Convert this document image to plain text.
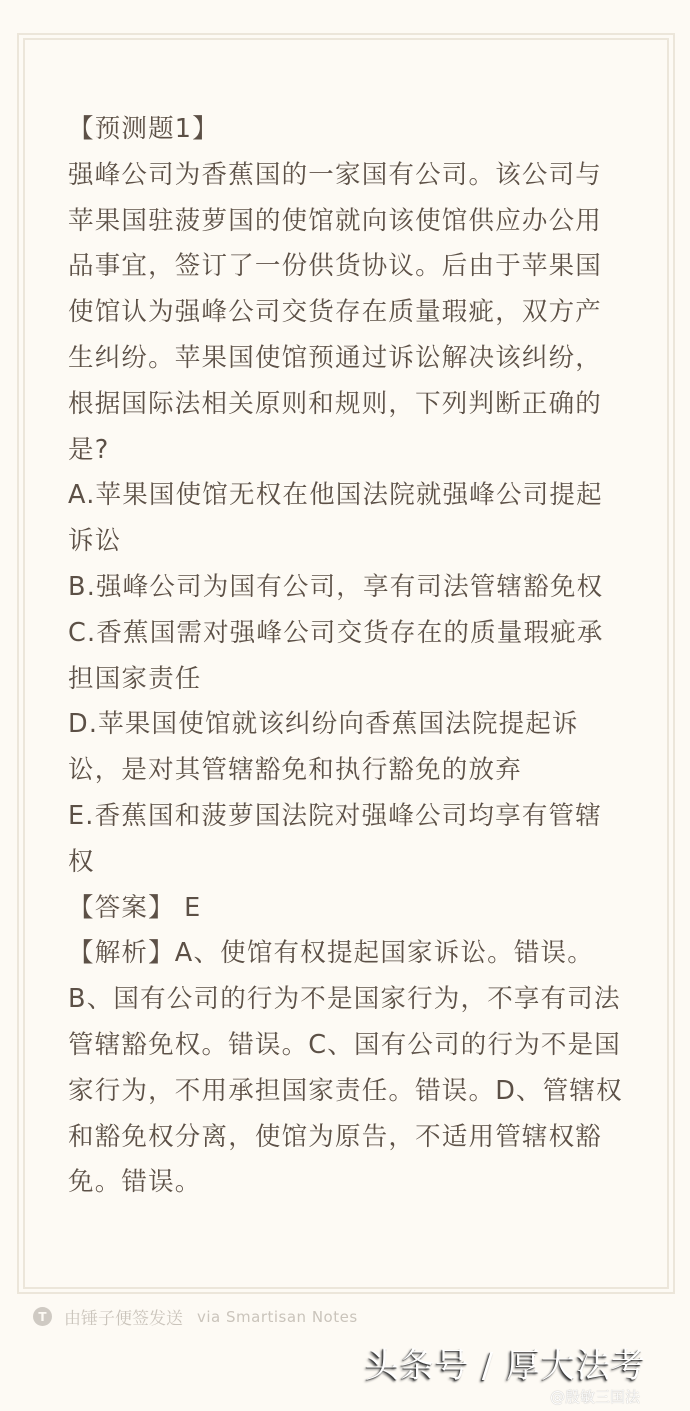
【预测题1】
强峰公司为香蕉国的一家国有公司。该公司与
苹果国驻菠萝国的使馆就向该使馆供应办公用
品事宜，签订了一份供货协议。后由于苹果国
使馆认为强峰公司交货存在质量瑕疵，双方产
生纠纷。苹果国使馆预通过诉讼解决该纠纷，
根据国际法相关原则和规则，下列判断正确的
是?
A.苹果国使馆无权在他国法院就强峰公司提起
诉讼
B.强峰公司为国有公司，享有司法管辖豁免权
C.香蕉国需对强峰公司交货存在的质量瑕疵承
担国家责任
D.苹果国使馆就该纠纷向香蕉国法院提起诉
讼，是对其管辖豁免和执行豁免的放弃
E.香蕉国和菠萝国法院对强峰公司均享有管辖
权
【答案】 E
【解析】A、使馆有权提起国家诉讼。错误。
B、国有公司的行为不是国家行为，不享有司法
管辖豁免权。错误。C、国有公司的行为不是国
家行为，不用承担国家责任。错误。D、管辖权
和豁免权分离，使馆为原告，不适用管辖权豁
免。错误。
T	由锤子便签发送 via Smartisan Notes
头条号 / 厚大法考
@殷敏三国法
